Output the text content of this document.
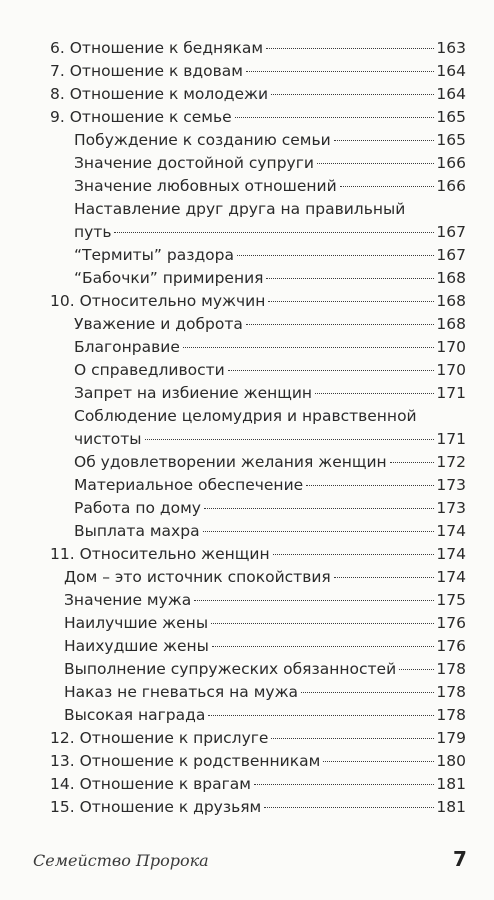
6. Отношение к беднякам	163
7. Отношение к вдовам	164
8. Отношение к молодежи	164
9. Отношение к семье	165
Побуждение к созданию семьи	165
Значение достойной супруги	166
Значение любовных отношений	166
Наставление друг друга на правильный
путь	167
“Термиты” раздора	167
“Бабочки” примирения	168
10. Относительно мужчин	168
Уважение и доброта	168
Благонравие	170
О справедливости	170
Запрет на избиение женщин	171
Соблюдение целомудрия и нравственной
чистоты	171
Об удовлетворении желания женщин	172
Материальное обеспечение	173
Работа по дому	173
Выплата махра	174
11. Относительно женщин	174
Дом – это источник спокойствия	174
Значение мужа	175
Наилучшие жены	176
Наихудшие жены	176
Выполнение супружеских обязанностей	178
Наказ не гневаться на мужа	178
Высокая награда	178
12. Отношение к прислуге	179
13. Отношение к родственникам	180
14. Отношение к врагам	181
15. Отношение к друзьям	181
Семейство Пророка	7
